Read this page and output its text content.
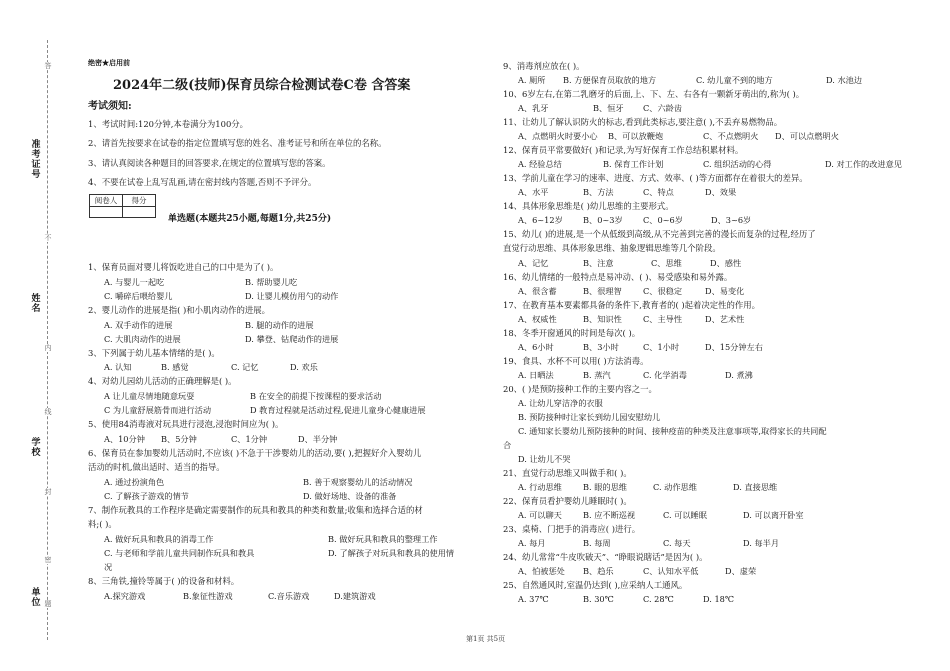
准考证号
姓名
学校
单位
答
不
内
线
封
密
题
绝密★启用前
2024年二级(技师)保育员综合检测试卷C卷 含答案
考试须知:
1、考试时间:120分钟,本卷满分为100分。
2、请首先按要求在试卷的指定位置填写您的姓名、准考证号和所在单位的名称。
3、请认真阅读各种题目的回答要求,在规定的位置填写您的答案。
4、不要在试卷上乱写乱画,请在密封线内答题,否则不予评分。
阅卷人	得分

单选题(本题共25小题,每题1分,共25分)
1、保育员面对婴儿将饭吃进自己的口中是为了( )。
A. 与婴儿一起吃	B. 帮助婴儿吃
C. 嚼碎后喂给婴儿	D. 让婴儿模仿用勺的动作
2、婴儿动作的进展是指( )和小肌肉动作的进展。
A. 双手动作的进展	B. 腿的动作的进展
C. 大肌肉动作的进展	D. 攀登、钻爬动作的进展
3、下列属于幼儿基本情绪的是( )。
A. 认知	B. 感觉	C. 记忆	D. 欢乐
4、对幼儿园幼儿活动的正确理解是( )。
A 让儿童尽情地随意玩耍	B 在安全的前提下按课程的要求活动
C 为儿童舒展筋骨而进行活动	D 教育过程就是活动过程,促进儿童身心健康进展
5、使用84消毒液对玩具进行浸泡,浸泡时间应为( )。
A、10分钟 B、5分钟	C、1分钟	D、半分钟
6、保育员在参加婴幼儿活动时,不应该( )不急于干涉婴幼儿的活动,要( ),把握好介入婴幼儿
活动的时机,做出适时、适当的指导。
A. 通过扮演角色	B. 善于观察婴幼儿的活动情况
C. 了解孩子游戏的情节	D. 做好场地、设备的准备
7、制作玩教具的工作程序是确定需要制作的玩具和教具的种类和数量;收集和选择合适的材
料;( )。
A. 做好玩具和教具的消毒工作	B. 做好玩具和教具的整理工作
C. 与老师和学前儿童共同制作玩具和教具	D. 了解孩子对玩具和教具的使用情
况
8、三角铁,撞铃等属于( )的设备和材料。
A.探究游戏	B.象征性游戏	C.音乐游戏	D.建筑游戏
9、消毒剂应放在( )。
A. 厕所 B. 方便保育员取放的地方	C. 幼儿童不到的地方	D. 水池边
10、6岁左右,在第二乳磨牙的后面,上、下、左、右各有一颗新牙萌出的,称为( )。
A、乳牙	B、恒牙 C、六龄齿
11、让幼儿了解认识防火的标志,看到此类标志,要注意( ),不丢弃易燃物品。
A、点燃明火时要小心 B、可以放鞭炮	C、不点燃明火 D、可以点燃明火
12、保育员平常要做好( )和记录,为写好保育工作总结积累材料。
A. 经验总结	B. 保育工作计划	C. 组织活动的心得	D. 对工作的改进意见
13、学前儿童在学习的速率、进度、方式、效率、( )等方面都存在着很大的差异。
A、水平	B、方法	C、特点	D、效果
14、具体形象思维是( )幼儿思维的主要形式。
A、6~12岁 B、0~3岁 C、0~6岁	D、3~6岁
15、幼儿( )的进展,是一个从低级到高级,从不完善到完善的漫长而复杂的过程,经历了
直觉行动思维、具体形象思维、抽象逻辑思维等几个阶段。
A、记忆	B、注意	C、思维	D、感性
16、幼儿情绪的一般特点是易冲动、( )、易受感染和易外露。
A、很含蓄	B、很理智	C、很稳定	D、易变化
17、在教育基本要素都具备的条件下,教育者的( )起着决定性的作用。
A、权威性	B、知识性	C、主导性	D、艺术性
18、冬季开窗通风的时间是每次( )。
A、6小时	B、3小时	C、1小时	D、15分钟左右
19、食具、水杯不可以用( )方法消毒。
A. 日晒法	B. 蒸汽	C. 化学消毒	D. 煮沸
20、( )是预防接种工作的主要内容之一。
A. 让幼儿穿洁净的衣服
B. 预防接种时让家长到幼儿园安慰幼儿
C. 通知家长婴幼儿预防接种的时间、接种疫苗的种类及注意事项等,取得家长的共同配
合
D. 让幼儿不哭
21、直觉行动思维又叫做手和( )。
A. 行动思维	B. 眼的思维	C. 动作思维	D. 直接思维
22、保育员看护婴幼儿睡眠时( )。
A. 可以聊天	B. 应不断巡视	C. 可以睡眠	D. 可以离开卧室
23、桌椅、门把手的消毒应( )进行。
A. 每月	B. 每周	C. 每天	D. 每半月
24、幼儿常常“牛皮吹破天”、“睁眼说瞎话”是因为( )。
A、怕被惩处 B、趋乐	C、认知水平低	D、虚荣
25、自然通风时,室温仍达到( ),应采纳人工通风。
A. 37℃	B. 30℃	C. 28℃	D. 18℃
第1页 共5页
